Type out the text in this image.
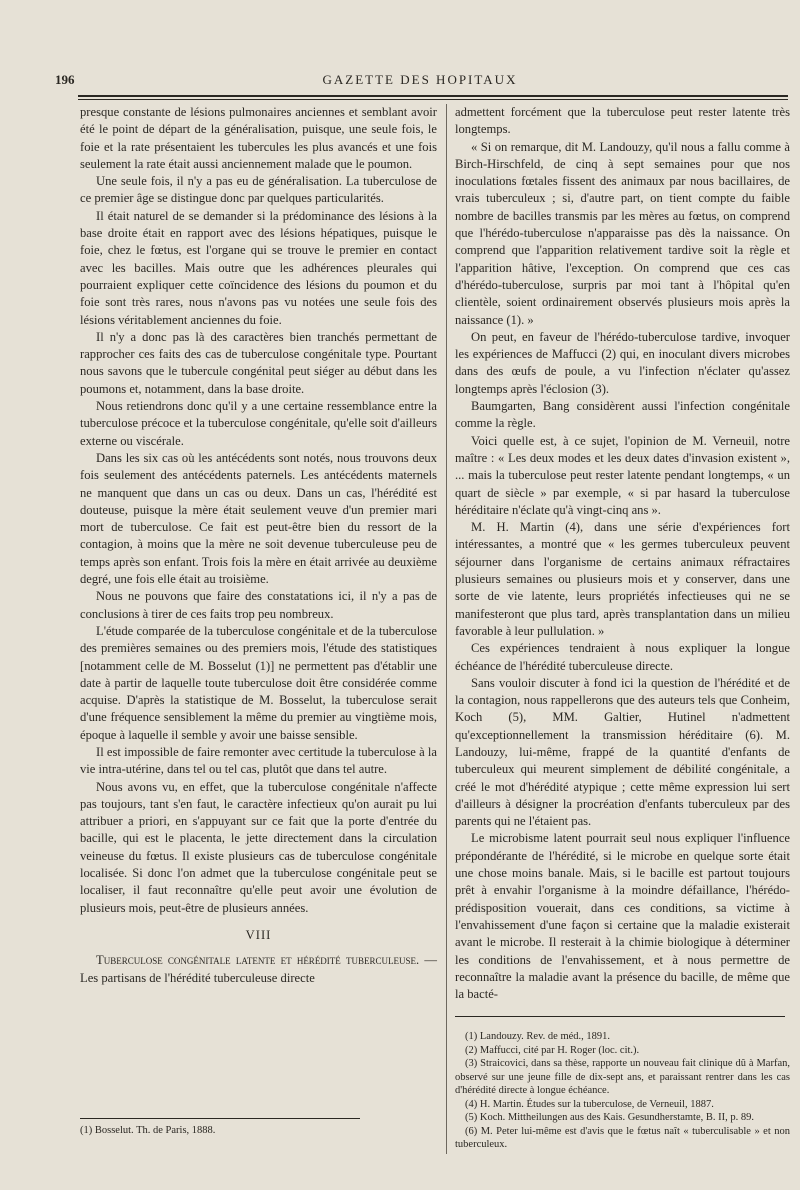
196	GAZETTE DES HOPITAUX

presque constante de lésions pulmonaires anciennes et semblant avoir été le point de départ de la généralisation, puisque, une seule fois, le foie et la rate présentaient les tubercules les plus avancés et une fois seulement la rate était aussi anciennement malade que le poumon.

Une seule fois, il n'y a pas eu de généralisation. La tuberculose de ce premier âge se distingue donc par quelques particularités.

Il était naturel de se demander si la prédominance des lésions à la base droite était en rapport avec des lésions hépatiques, puisque le foie, chez le fœtus, est l'organe qui se trouve le premier en contact avec les bacilles. Mais outre que les adhérences pleurales qui pourraient expliquer cette coïncidence des lésions du poumon et du foie sont très rares, nous n'avons pas vu notées une seule fois des lésions véritablement anciennes du foie.

Il n'y a donc pas là des caractères bien tranchés permettant de rapprocher ces faits des cas de tuberculose congénitale type. Pourtant nous savons que le tubercule congénital peut siéger au début dans les poumons et, notamment, dans la base droite.

Nous retiendrons donc qu'il y a une certaine ressemblance entre la tuberculose précoce et la tuberculose congénitale, qu'elle soit d'ailleurs externe ou viscérale.

Dans les six cas où les antécédents sont notés, nous trouvons deux fois seulement des antécédents paternels. Les antécédents maternels ne manquent que dans un cas ou deux. Dans un cas, l'hérédité est douteuse, puisque la mère était seulement veuve d'un premier mari mort de tuberculose. Ce fait est peut-être bien du ressort de la contagion, à moins que la mère ne soit devenue tuberculeuse peu de temps après son enfant. Trois fois la mère en était arrivée au deuxième degré, une fois elle était au troisième.

Nous ne pouvons que faire des constatations ici, il n'y a pas de conclusions à tirer de ces faits trop peu nombreux.

L'étude comparée de la tuberculose congénitale et de la tuberculose des premières semaines ou des premiers mois, l'étude des statistiques [notamment celle de M. Bosselut (1)] ne permettent pas d'établir une date à partir de laquelle toute tuberculose doit être considérée comme acquise. D'après la statistique de M. Bosselut, la tuberculose serait d'une fréquence sensiblement la même du premier au vingtième mois, époque à laquelle il semble y avoir une baisse sensible.

Il est impossible de faire remonter avec certitude la tuberculose à la vie intra-utérine, dans tel ou tel cas, plutôt que dans tel autre.

Nous avons vu, en effet, que la tuberculose congénitale n'affecte pas toujours, tant s'en faut, le caractère infectieux qu'on aurait pu lui attribuer a priori, en s'appuyant sur ce fait que la porte d'entrée du bacille, qui est le placenta, le jette directement dans la circulation veineuse du fœtus. Il existe plusieurs cas de tuberculose congénitale localisée. Si donc l'on admet que la tuberculose congénitale peut se localiser, il faut reconnaître qu'elle peut avoir une évolution de plusieurs mois, peut-être de plusieurs années.

VIII

Tuberculose congénitale latente et hérédité tuberculeuse. — Les partisans de l'hérédité tuberculeuse directe

(1) Bosselut. Th. de Paris, 1888.

admettent forcément que la tuberculose peut rester latente très longtemps.

« Si on remarque, dit M. Landouzy, qu'il nous a fallu comme à Birch-Hirschfeld, de cinq à sept semaines pour que nos inoculations fœtales fissent des animaux par nous bacillaires, de vrais tuberculeux ; si, d'autre part, on tient compte du faible nombre de bacilles transmis par les mères au fœtus, on comprend que l'hérédo-tuberculose n'apparaisse pas dès la naissance. On comprend que l'apparition relativement tardive soit la règle et l'apparition hâtive, l'exception. On comprend que ces cas d'hérédo-tuberculose, surpris par moi tant à l'hôpital qu'en clientèle, soient ordinairement observés plusieurs mois après la naissance (1). »

On peut, en faveur de l'hérédo-tuberculose tardive, invoquer les expériences de Maffucci (2) qui, en inoculant divers microbes dans des œufs de poule, a vu l'infection n'éclater qu'assez longtemps après l'éclosion (3).

Baumgarten, Bang considèrent aussi l'infection congénitale comme la règle.

Voici quelle est, à ce sujet, l'opinion de M. Verneuil, notre maître : « Les deux modes et les deux dates d'invasion existent », ... mais la tuberculose peut rester latente pendant longtemps, « un quart de siècle » par exemple, « si par hasard la tuberculose héréditaire n'éclate qu'à vingt-cinq ans ».

M. H. Martin (4), dans une série d'expériences fort intéressantes, a montré que « les germes tuberculeux peuvent séjourner dans l'organisme de certains animaux réfractaires plusieurs semaines ou plusieurs mois et y conserver, dans une sorte de vie latente, leurs propriétés infectieuses qui ne se manifesteront que plus tard, après transplantation dans un milieu favorable à leur pullulation. »

Ces expériences tendraient à nous expliquer la longue échéance de l'hérédité tuberculeuse directe.

Sans vouloir discuter à fond ici la question de l'hérédité et de la contagion, nous rappellerons que des auteurs tels que Conheim, Koch (5), MM. Galtier, Hutinel n'admettent qu'exceptionnellement la transmission héréditaire (6). M. Landouzy, lui-même, frappé de la quantité d'enfants de tuberculeux qui meurent simplement de débilité congénitale, a créé le mot d'hérédité atypique ; cette même expression lui sert d'ailleurs à désigner la procréation d'enfants tuberculeux par des parents qui ne l'étaient pas.

Le microbisme latent pourrait seul nous expliquer l'influence prépondérante de l'hérédité, si le microbe en quelque sorte était une chose moins banale. Mais, si le bacille est partout toujours prêt à envahir l'organisme à la moindre défaillance, l'hérédo-prédisposition vouerait, dans ces conditions, sa victime à l'envahissement d'une façon si certaine que la maladie existerait avant le microbe. Il resterait à la chimie biologique à déterminer les conditions de l'envahissement, et à nous permettre de reconnaître la maladie avant la présence du bacille, de même que la bacté-

(1) Landouzy. Rev. de méd., 1891.
(2) Maffucci, cité par H. Roger (loc. cit.).
(3) Straicovici, dans sa thèse, rapporte un nouveau fait clinique dû à Marfan, observé sur une jeune fille de dix-sept ans, et paraissant rentrer dans les cas d'hérédité directe à longue échéance.
(4) H. Martin. Études sur la tuberculose, de Verneuil, 1887.
(5) Koch. Mittheilungen aus des Kais. Gesundherstamte, B. II, p. 89.
(6) M. Peter lui-même est d'avis que le fœtus naît « tuberculisable » et non tuberculeux.
